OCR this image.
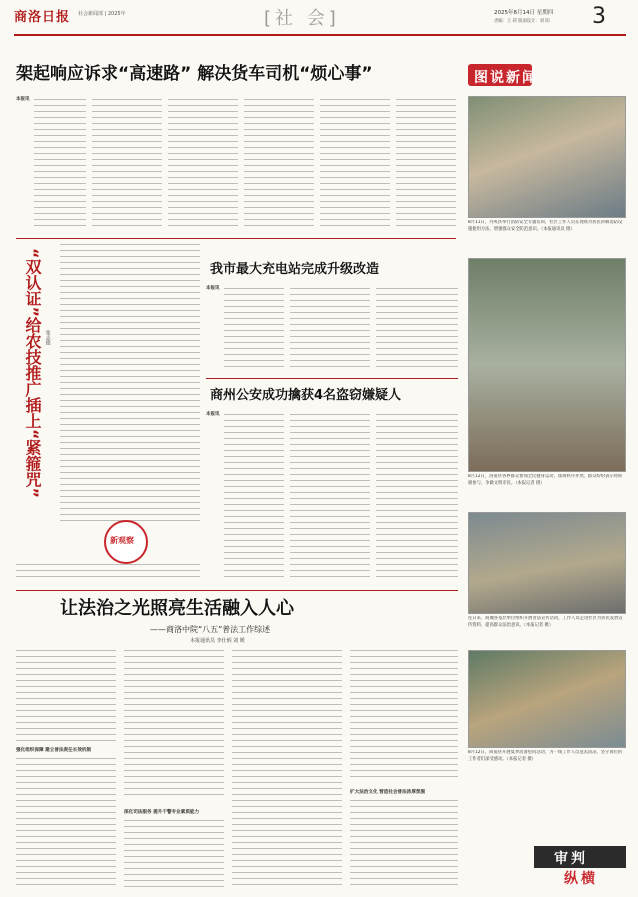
商洛日报 社会新闻部 | 2025年	[社 会]	2025年8月14日 星期四
责编：王 莉 版面设计：刘 阳 3
架起响应诉求“高速路” 解决货车司机“烦心事”
本报讯
图说新闻
8月11日，丹凤县举行消防安全专题培训，社区工作人员在现场为居民讲解消防设施使用方法，增强群众安全防范意识。（本报通讯员 摄）
8月12日，洛南县各界群众参加全民健身运动，现场秩序井然，群众纷纷表示将积极参与，争做文明市民。（本报记者 摄）
连日来，商城各基层单位组织开展普法宣传活动，工作人员走进社区为居民发放宣传资料，提高群众法治意识。（本报记者 摄）
8月12日，商南县开展夏季消暑慰问活动，为一线工作人员送去清凉，坚守岗位的工作者们深受感动。（本报记者 摄）
“双认证”给农技推广插上“紧箍咒” 张志德
新观察
我市最大充电站完成升级改造
本报讯
商州公安成功擒获4名盗窃嫌疑人
本报讯
让法治之光照亮生活融入人心
——商洛中院“八五”普法工作综述
本报通讯员 李仕炳 刘 媛
强化组织保障 建立普法责任长效机制
深化司法服务 提升干警专业素质能力
扩大法治文化 营造社会普法浓厚氛围
审判
纵横
